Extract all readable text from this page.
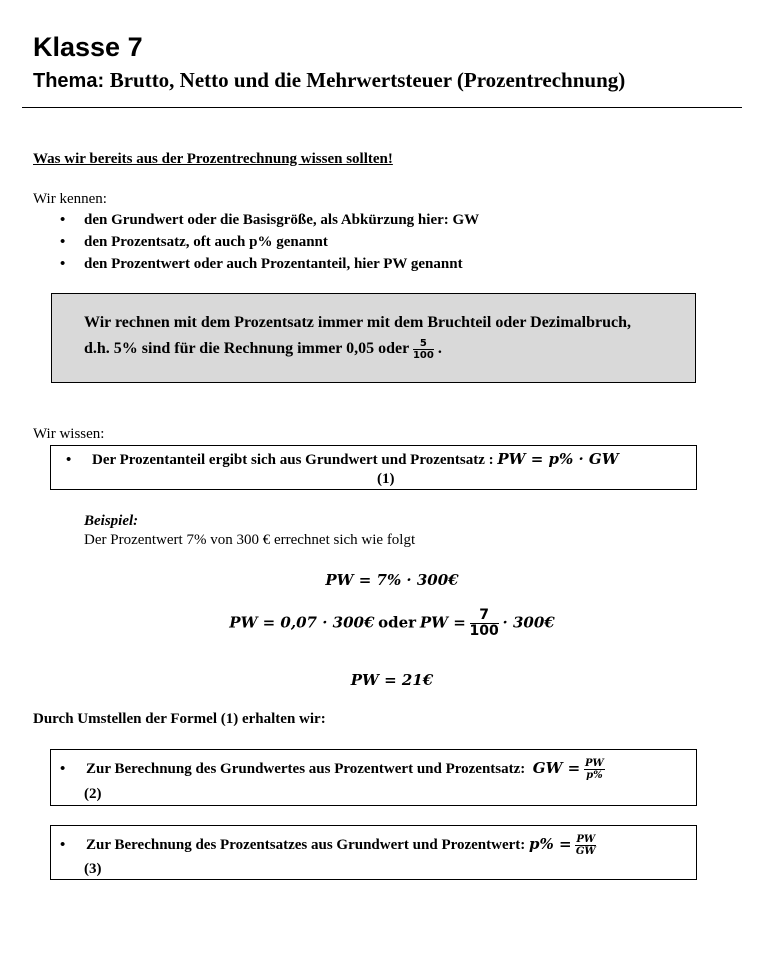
Klasse 7
Thema: Brutto, Netto und die Mehrwertsteuer (Prozentrechnung)
Was wir bereits aus der Prozentrechnung wissen sollten!
Wir kennen:
• den Grundwert oder die Basisgröße, als Abkürzung hier: GW
• den Prozentsatz, oft auch p% genannt
• den Prozentwert oder auch Prozentanteil, hier PW genannt
Wir rechnen mit dem Prozentsatz immer mit dem Bruchteil oder Dezimalbruch,
d.h. 5% sind für die Rechnung immer 0,05 oder $\frac{5}{100}$ .
Wir wissen:
• Der Prozentanteil ergibt sich aus Grundwert und Prozentsatz : PW = p% · GW
(1)
Beispiel:
Der Prozentwert 7% von 300 € errechnet sich wie folgt
PW = 7% · 300€
PW = 0,07 · 300€ oder PW = $\frac{7}{100}$ · 300€
PW = 21€
Durch Umstellen der Formel (1) erhalten wir:
• Zur Berechnung des Grundwertes aus Prozentwert und Prozentsatz: GW = $\frac{PW}{p\%}$
(2)
• Zur Berechnung des Prozentsatzes aus Grundwert und Prozentwert: $p\% = \frac{PW}{GW}$
(3)
